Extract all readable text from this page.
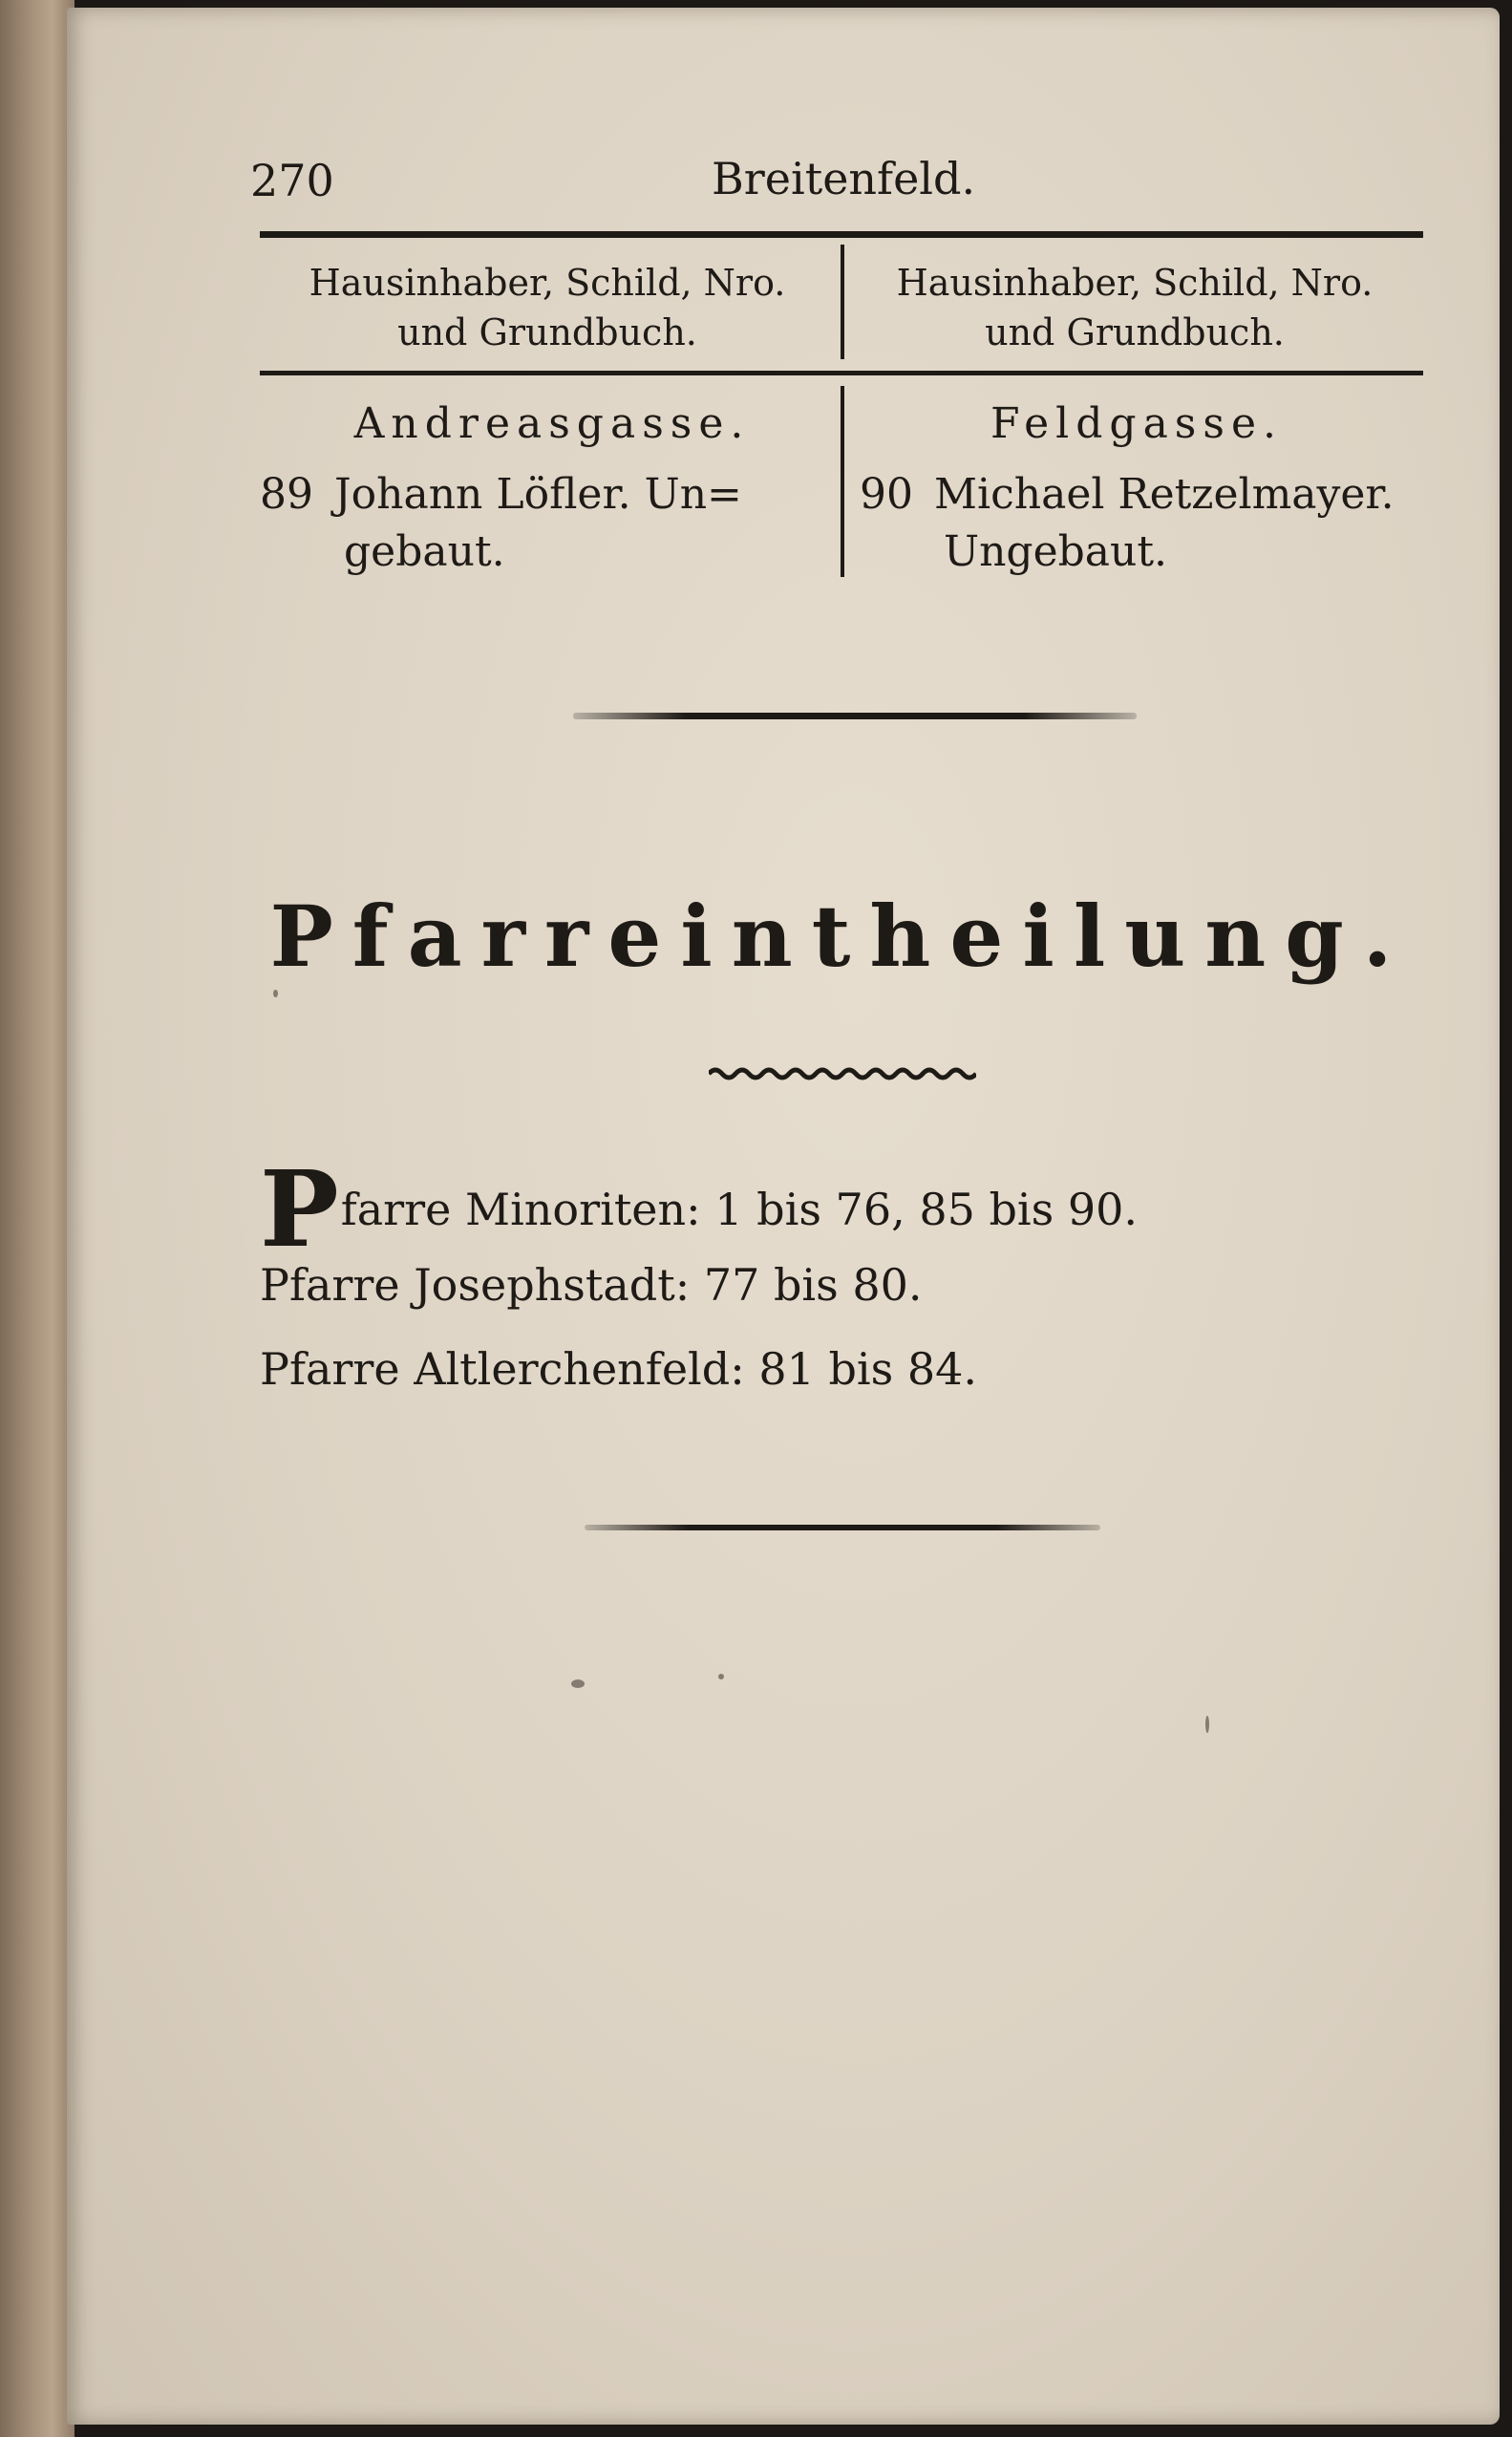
270	Breitenfeld.
Hausinhaber, Schild, Nro.
und Grundbuch.
Hausinhaber, Schild, Nro.
und Grundbuch.
Andreasgasse.	Feldgasse.
89 Johann Löfler. Un=
gebaut.
90 Michael Retzelmayer.
Ungebaut.
Pfarreintheilung.
Pfarre Minoriten: 1 bis 76, 85 bis 90.
Pfarre Josephstadt: 77 bis 80.
Pfarre Altlerchenfeld: 81 bis 84.
